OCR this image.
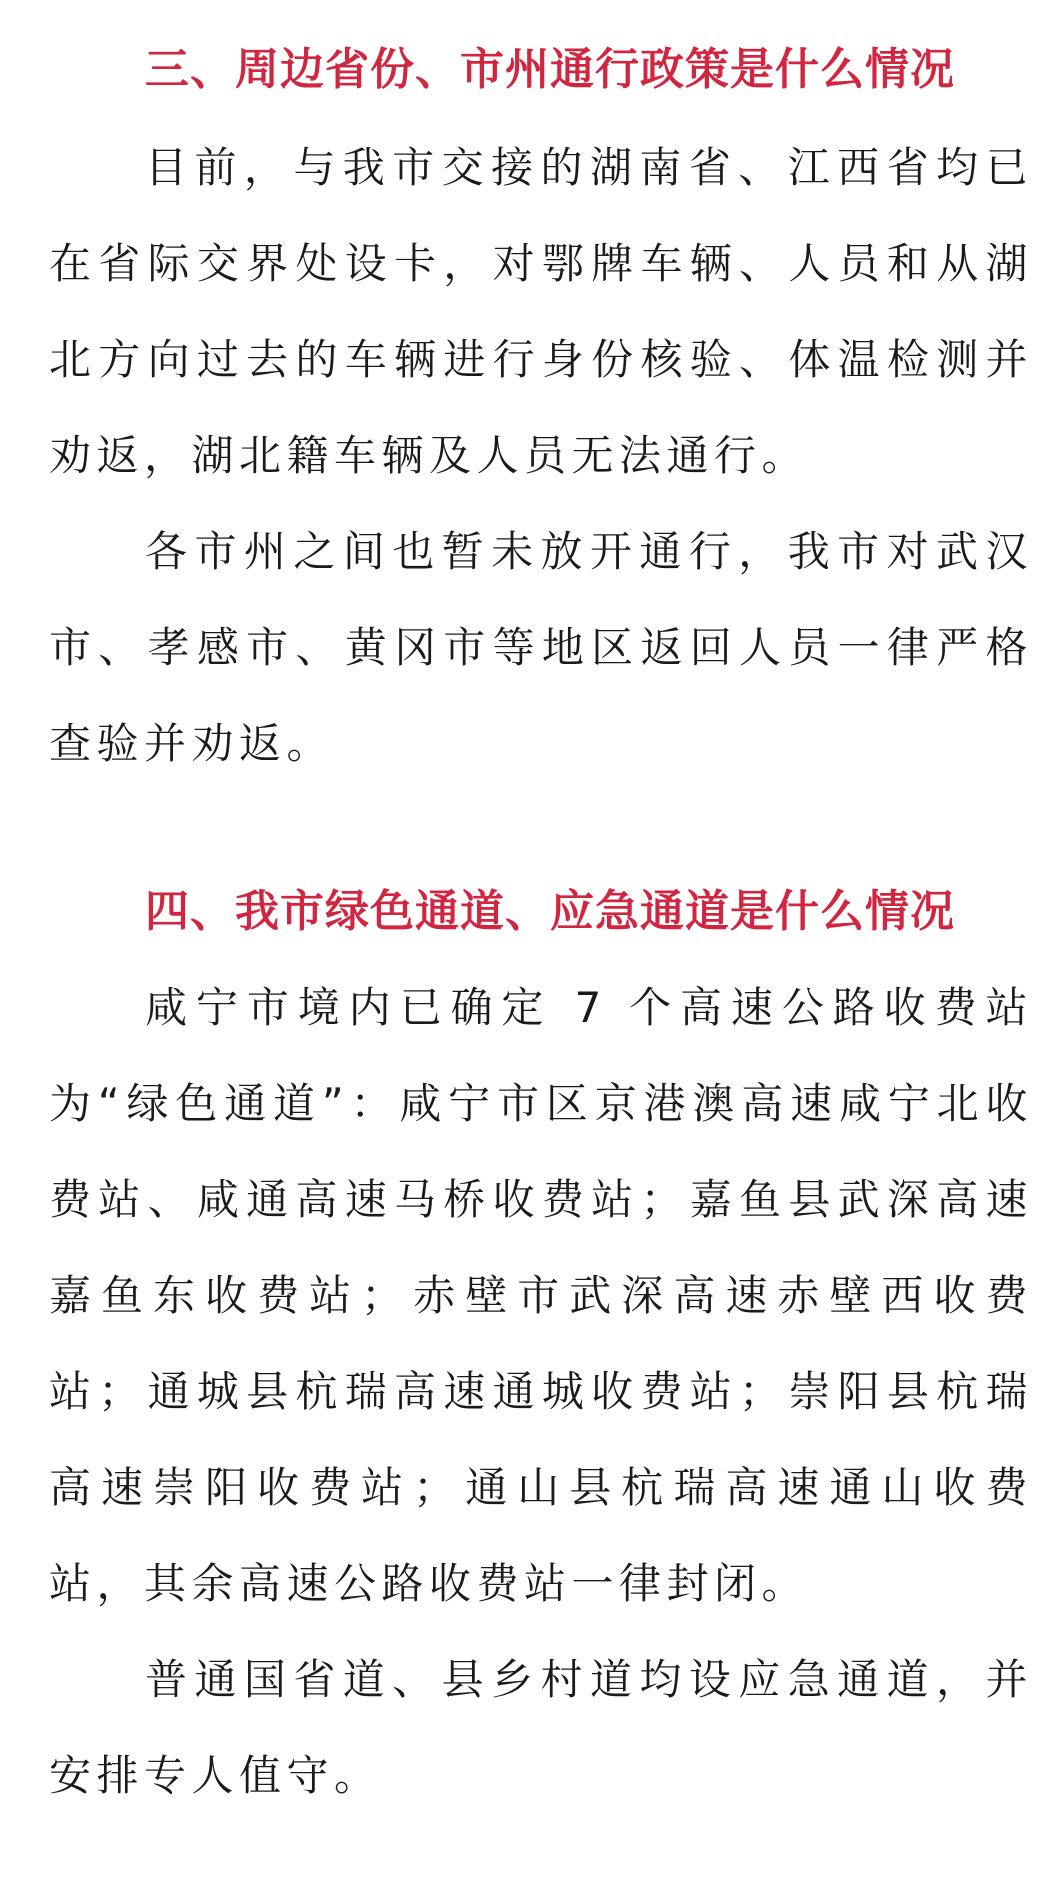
三、周边省份、市州通行政策是什么情况

目前，与我市交接的湖南省、江西省均已在省际交界处设卡，对鄂牌车辆、人员和从湖北方向过去的车辆进行身份核验、体温检测并劝返，湖北籍车辆及人员无法通行。

各市州之间也暂未放开通行，我市对武汉市、孝感市、黄冈市等地区返回人员一律严格查验并劝返。

四、我市绿色通道、应急通道是什么情况

咸宁市境内已确定 7 个高速公路收费站为“绿色通道”：咸宁市区京港澳高速咸宁北收费站、咸通高速马桥收费站；嘉鱼县武深高速嘉鱼东收费站；赤壁市武深高速赤壁西收费站；通城县杭瑞高速通城收费站；崇阳县杭瑞高速崇阳收费站；通山县杭瑞高速通山收费站，其余高速公路收费站一律封闭。

普通国省道、县乡村道均设应急通道，并安排专人值守。
